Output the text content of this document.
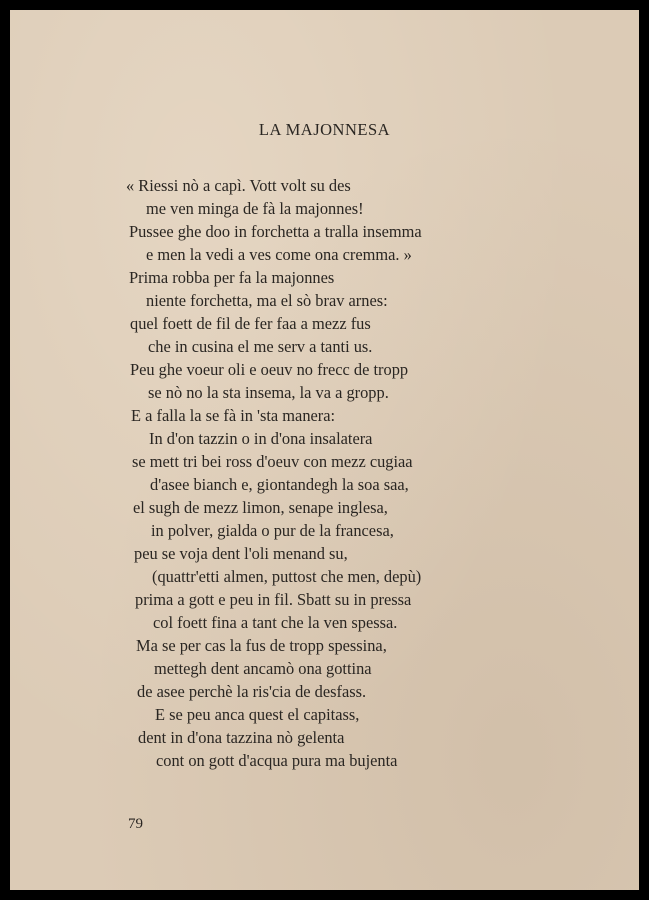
LA MAJONNESA
« Riessi nò a capì. Vott volt su des
me ven minga de fà la majonnes!
Pussee ghe doo in forchetta a tralla insemma
e men la vedi a ves come ona cremma. »
Prima robba per fa la majonnes
niente forchetta, ma el sò brav arnes:
quel foett de fil de fer faa a mezz fus
che in cusina el me serv a tanti us.
Peu ghe voeur oli e oeuv no frecc de tropp
se nò no la sta insema, la va a gropp.
E a falla la se fà in 'sta manera:
In d'on tazzin o in d'ona insalatera
se mett tri bei ross d'oeuv con mezz cugiaa
d'asee bianch e, giontandegh la soa saa,
el sugh de mezz limon, senape inglesa,
in polver, gialda o pur de la francesa,
peu se voja dent l'oli menand su,
(quattr'etti almen, puttost che men, depù)
prima a gott e peu in fil. Sbatt su in pressa
col foett fina a tant che la ven spessa.
Ma se per cas la fus de tropp spessina,
mettegh dent ancamò ona gottina
de asee perchè la ris'cia de desfass.
E se peu anca quest el capitass,
dent in d'ona tazzina nò gelenta
cont on gott d'acqua pura ma bujenta
79
